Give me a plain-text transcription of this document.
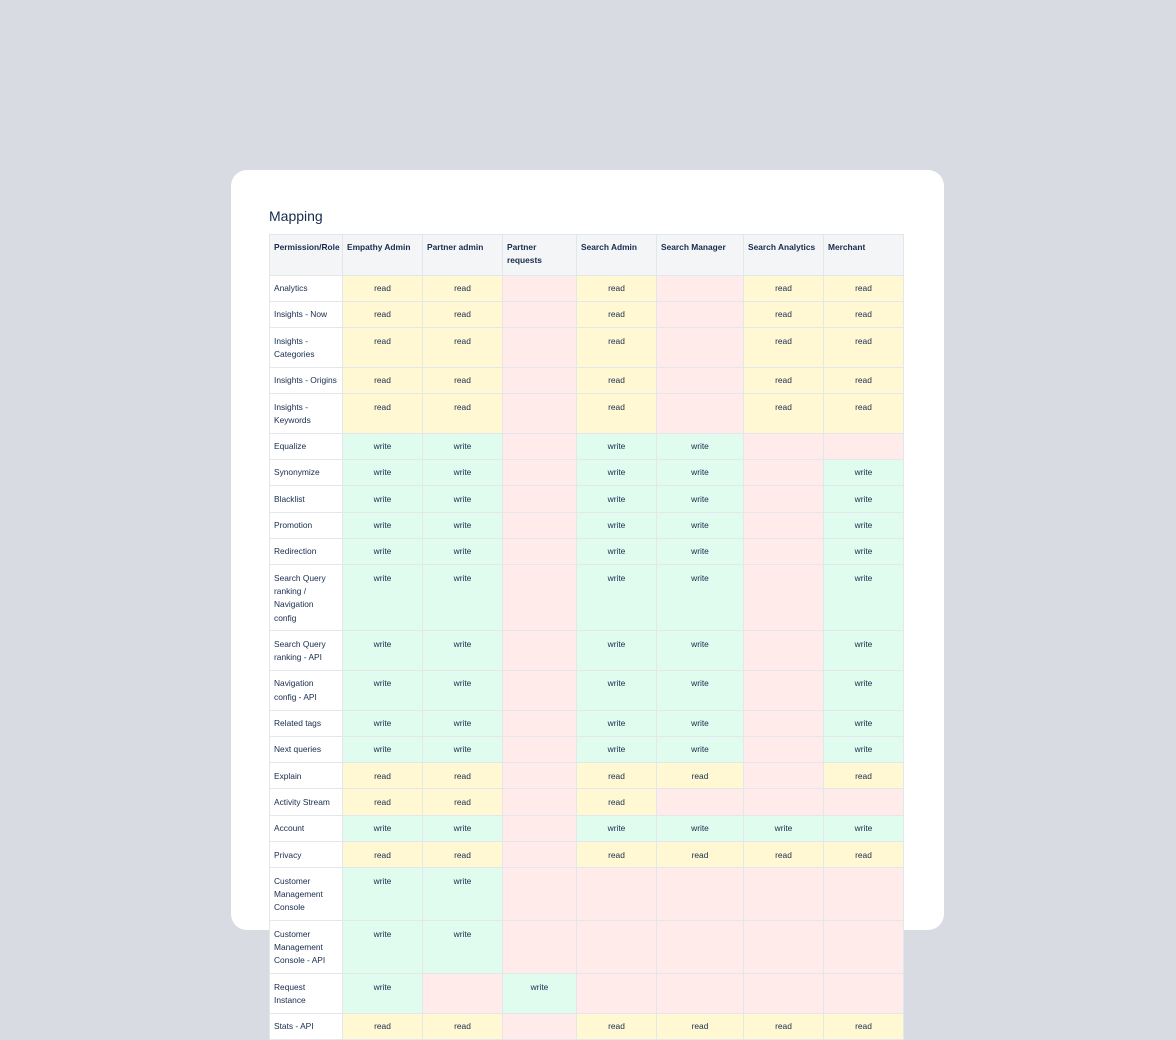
Mapping
Permission/Role	Empathy Admin	Partner admin	Partner requests	Search Admin	Search Manager	Search Analytics	Merchant
Analytics	read	read		read		read	read
Insights - Now	read	read		read		read	read
Insights - Categories	read	read		read		read	read
Insights - Origins	read	read		read		read	read
Insights - Keywords	read	read		read		read	read
Equalize	write	write		write	write		
Synonymize	write	write		write	write		write
Blacklist	write	write		write	write		write
Promotion	write	write		write	write		write
Redirection	write	write		write	write		write
Search Query ranking / Navigation config	write	write		write	write		write
Search Query ranking - API	write	write		write	write		write
Navigation config - API	write	write		write	write		write
Related tags	write	write		write	write		write
Next queries	write	write		write	write		write
Explain	read	read		read	read		read
Activity Stream	read	read		read			
Account	write	write		write	write	write	write
Privacy	read	read		read	read	read	read
Customer Management Console	write	write					
Customer Management Console - API	write	write					
Request Instance	write		write				
Stats - API	read	read		read	read	read	read
